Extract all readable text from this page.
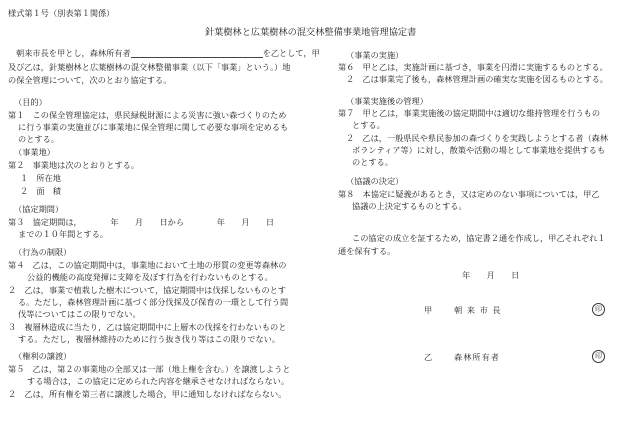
様式第１号（別表第１関係）
針葉樹林と広葉樹林の混交林整備事業地管理協定書
朝来市長を甲とし，森林所有者	を乙として，甲
及び乙は，針葉樹林と広葉樹林の混交林整備事業（以下「事業」という。）地
の保全管理について，次のとおり協定する。
（目的）
第１　この保全管理協定は，県民緑税財源による災害に強い森づくりのため
に行う事業の実施並びに事業地に保全管理に関して必要な事項を定めるも
のとする。
（事業地）
第２　事業地は次のとおりとする。
１　所在地
２　面　積
（協定期間）
第３　協定期間は，　　　　年　　月　　日から　　　　年　　月　　日
までの１０年間とする。
（行為の制限）
第４　乙は，この協定期間中は，事業地において土地の形質の変更等森林の
公益的機能の高度発揮に支障を及ぼす行為を行わないものとする。
２　乙は，事業で植栽した樹木について，協定期間中は伐採しないものとす
る。ただし，森林管理計画に基づく部分伐採及び保育の一環として行う間
伐等についてはこの限りでない。
３　複層林造成に当たり，乙は協定期間中に上層木の伐採を行わないものと
する。ただし，複層林維持のために行う抜き伐り等はこの限りでない。
（権利の譲渡）
第５　乙は，第２の事業地の全部又は一部（地上権を含む。）を譲渡しようと
する場合は，この協定に定められた内容を継承させなければならない。
２　乙は，所有権を第三者に譲渡した場合，甲に通知しなければならない。
（事業の実施）
第６　甲と乙は，実施計画に基づき，事業を円滑に実施するものとする。
２　乙は事業完了後も，森林管理計画の確実な実施を図るものとする。
（事業実施後の管理）
第７　甲と乙は，事業実施後の協定期間中は適切な維持管理を行うもの
とする。
２　乙は，一般県民や県民参加の森づくりを実践しようとする者（森林
ボランティア等）に対し，散策や活動の場として事業地を提供するも
のとする。
（協議の決定）
第８　本協定に疑義があるとき，又は定めのない事項については，甲乙
協議の上決定するものとする。
この協定の成立を証するため，協定書２通を作成し，甲乙それぞれ１
通を保有する。
年　　月　　日
甲	朝 来 市 長	印
乙	森林所有者	印
